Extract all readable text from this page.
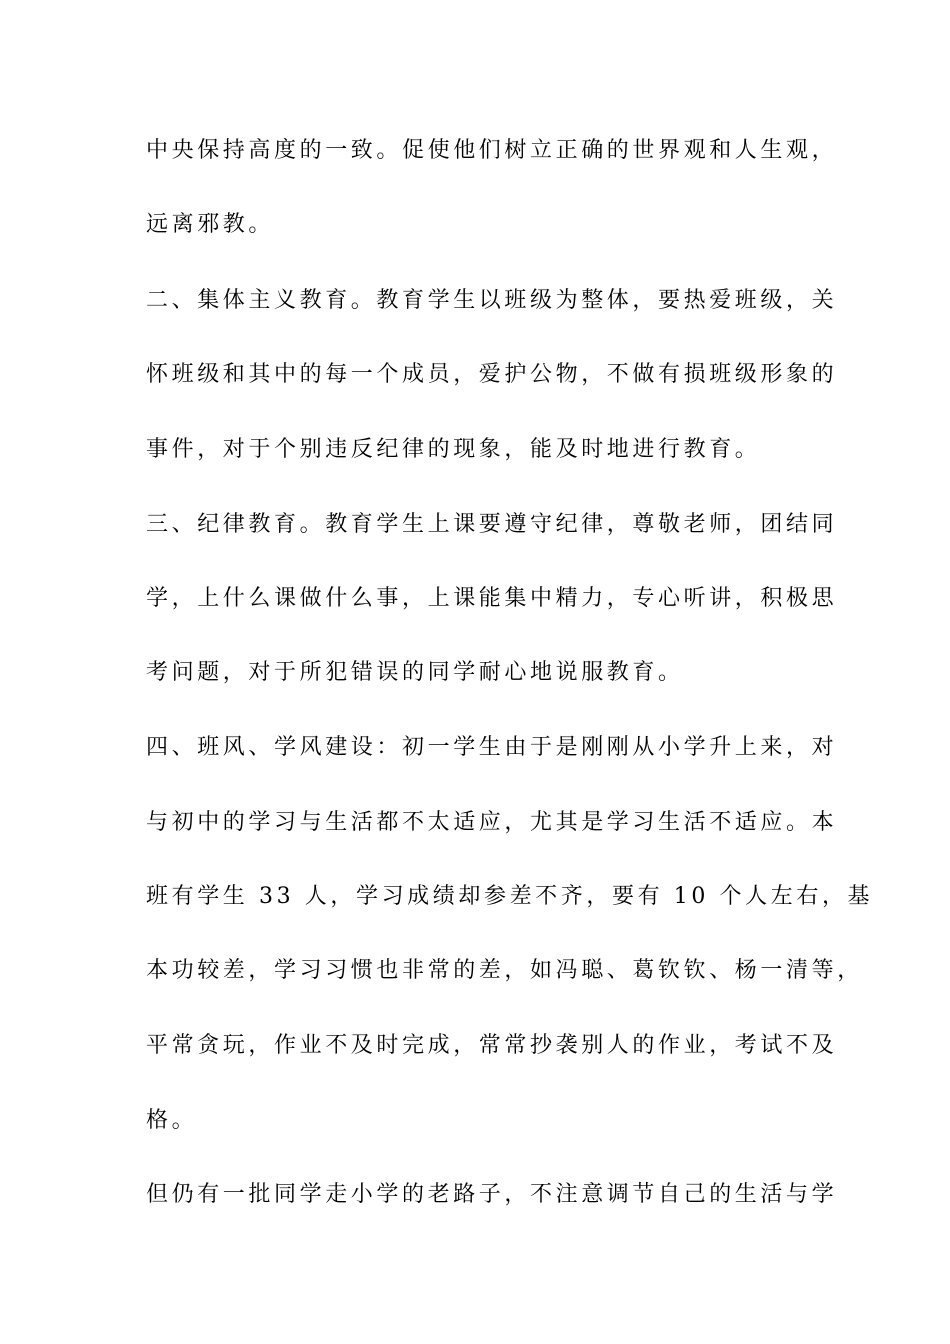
中央保持高度的一致。促使他们树立正确的世界观和人生观，
远离邪教。
二、集体主义教育。教育学生以班级为整体，要热爱班级，关
怀班级和其中的每一个成员，爱护公物，不做有损班级形象的
事件，对于个别违反纪律的现象，能及时地进行教育。
三、纪律教育。教育学生上课要遵守纪律，尊敬老师，团结同
学，上什么课做什么事，上课能集中精力，专心听讲，积极思
考问题，对于所犯错误的同学耐心地说服教育。
四、班风、学风建设：初一学生由于是刚刚从小学升上来，对
与初中的学习与生活都不太适应，尤其是学习生活不适应。本
班有学生 33 人，学习成绩却参差不齐，要有 10 个人左右，基
本功较差，学习习惯也非常的差，如冯聪、葛钦钦、杨一清等，
平常贪玩，作业不及时完成，常常抄袭别人的作业，考试不及
格。
但仍有一批同学走小学的老路子，不注意调节自己的生活与学
